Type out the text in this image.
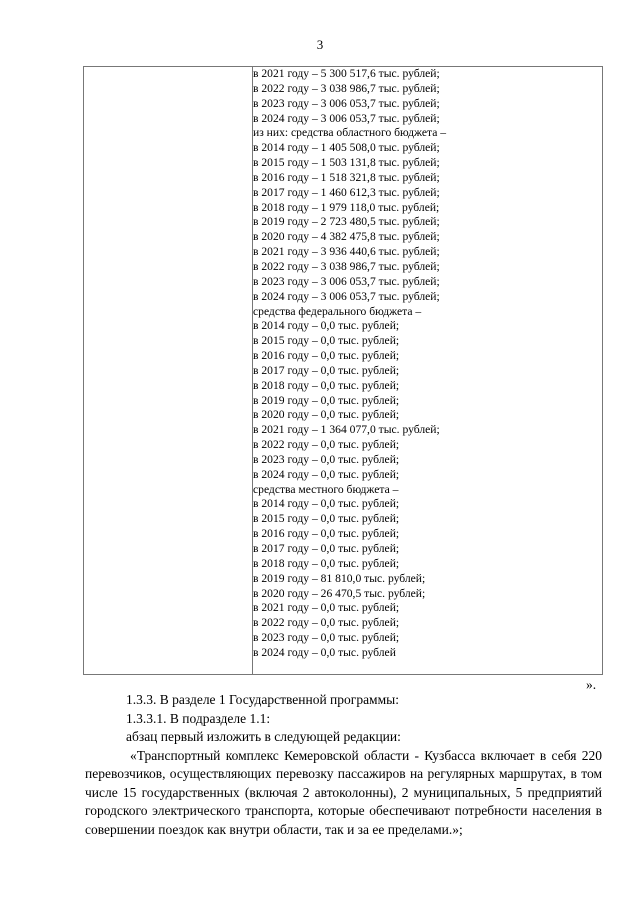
3

в 2021 году – 5 300 517,6 тыс. рублей;
в 2022 году – 3 038 986,7 тыс. рублей;
в 2023 году – 3 006 053,7 тыс. рублей;
в 2024 году – 3 006 053,7 тыс. рублей;
из них: средства областного бюджета –
в 2014 году – 1 405 508,0 тыс. рублей;
в 2015 году – 1 503 131,8 тыс. рублей;
в 2016 году – 1 518 321,8 тыс. рублей;
в 2017 году – 1 460 612,3 тыс. рублей;
в 2018 году – 1 979 118,0 тыс. рублей;
в 2019 году – 2 723 480,5 тыс. рублей;
в 2020 году – 4 382 475,8 тыс. рублей;
в 2021 году – 3 936 440,6 тыс. рублей;
в 2022 году – 3 038 986,7 тыс. рублей;
в 2023 году – 3 006 053,7 тыс. рублей;
в 2024 году – 3 006 053,7 тыс. рублей;
средства федерального бюджета –
в 2014 году – 0,0 тыс. рублей;
в 2015 году – 0,0 тыс. рублей;
в 2016 году – 0,0 тыс. рублей;
в 2017 году – 0,0 тыс. рублей;
в 2018 году – 0,0 тыс. рублей;
в 2019 году – 0,0 тыс. рублей;
в 2020 году – 0,0 тыс. рублей;
в 2021 году – 1 364 077,0 тыс. рублей;
в 2022 году – 0,0 тыс. рублей;
в 2023 году – 0,0 тыс. рублей;
в 2024 году – 0,0 тыс. рублей;
средства местного бюджета –
в 2014 году – 0,0 тыс. рублей;
в 2015 году – 0,0 тыс. рублей;
в 2016 году – 0,0 тыс. рублей;
в 2017 году – 0,0 тыс. рублей;
в 2018 году – 0,0 тыс. рублей;
в 2019 году – 81 810,0 тыс. рублей;
в 2020 году – 26 470,5 тыс. рублей;
в 2021 году – 0,0 тыс. рублей;
в 2022 году – 0,0 тыс. рублей;
в 2023 году – 0,0 тыс. рублей;
в 2024 году – 0,0 тыс. рублей
».

1.3.3. В разделе 1 Государственной программы:

1.3.3.1. В подразделе 1.1:

абзац первый изложить в следующей редакции:

«Транспортный комплекс Кемеровской области - Кузбасса включает в себя 220 перевозчиков, осуществляющих перевозку пассажиров на регулярных маршрутах, в том числе 15 государственных (включая 2 автоколонны), 2 муниципальных, 5 предприятий городского электрического транспорта, которые обеспечивают потребности населения в совершении поездок как внутри области, так и за ее пределами.»;
